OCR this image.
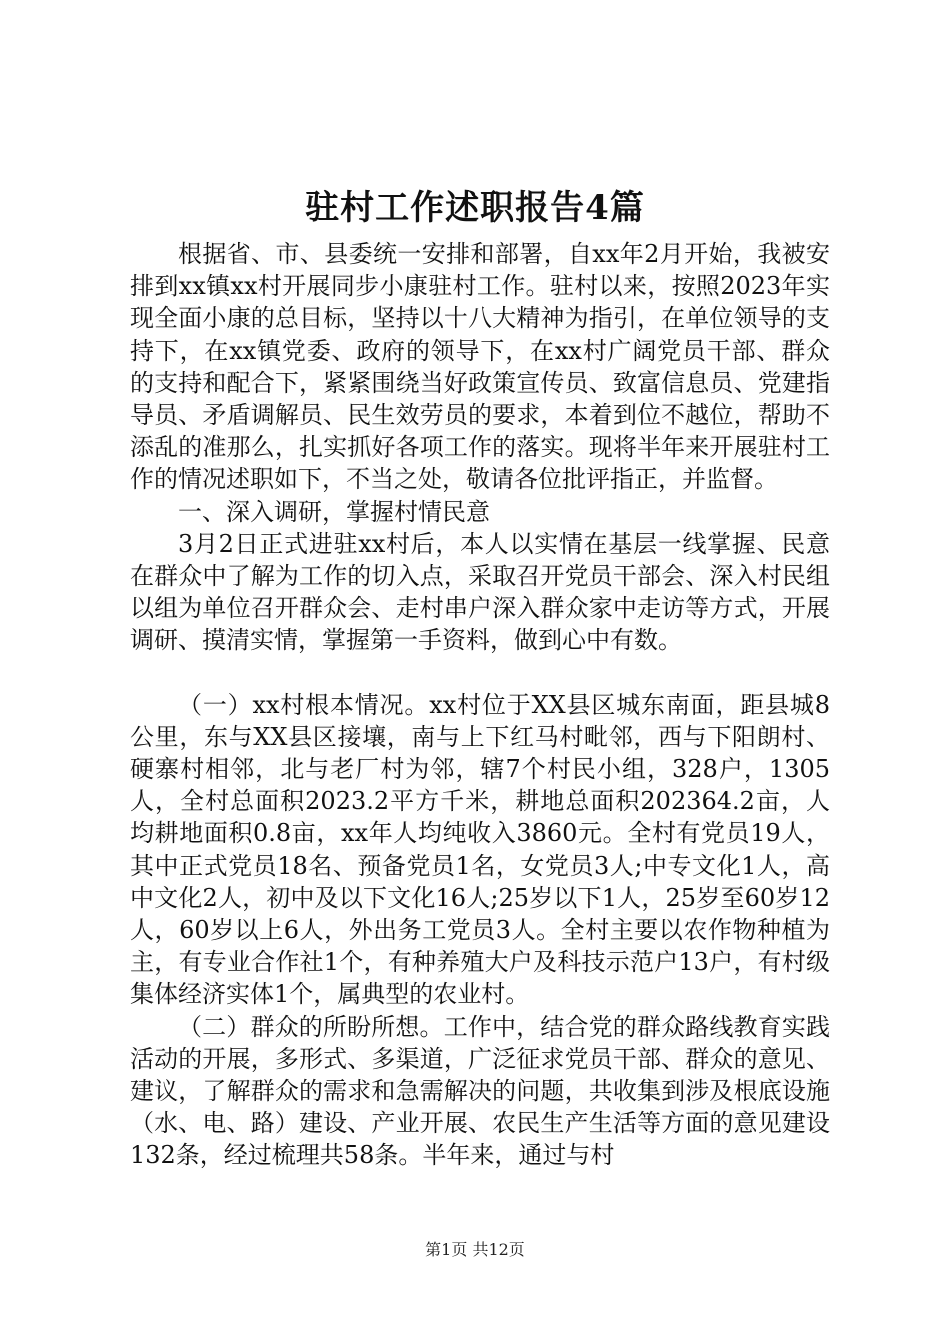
驻村工作述职报告4篇

根据省、市、县委统一安排和部署，自xx年2月开始，我被安排到xx镇xx村开展同步小康驻村工作。驻村以来，按照2023年实现全面小康的总目标，坚持以十八大精神为指引，在单位领导的支持下，在xx镇党委、政府的领导下，在xx村广阔党员干部、群众的支持和配合下，紧紧围绕当好政策宣传员、致富信息员、党建指导员、矛盾调解员、民生效劳员的要求，本着到位不越位，帮助不添乱的准那么，扎实抓好各项工作的落实。现将半年来开展驻村工作的情况述职如下，不当之处，敬请各位批评指正，并监督。

一、深入调研，掌握村情民意

3月2日正式进驻xx村后，本人以实情在基层一线掌握、民意在群众中了解为工作的切入点，采取召开党员干部会、深入村民组以组为单位召开群众会、走村串户深入群众家中走访等方式，开展调研、摸清实情，掌握第一手资料，做到心中有数。

（一）xx村根本情况。xx村位于XX县区城东南面，距县城8公里，东与XX县区接壤，南与上下红马村毗邻，西与下阳朗村、硬寨村相邻，北与老厂村为邻，辖7个村民小组，328户，1305人，全村总面积2023.2平方千米，耕地总面积202364.2亩，人均耕地面积0.8亩，xx年人均纯收入3860元。全村有党员19人，其中正式党员18名、预备党员1名，女党员3人;中专文化1人，高中文化2人，初中及以下文化16人;25岁以下1人，25岁至60岁12人，60岁以上6人，外出务工党员3人。全村主要以农作物种植为主，有专业合作社1个，有种养殖大户及科技示范户13户，有村级集体经济实体1个，属典型的农业村。

（二）群众的所盼所想。工作中，结合党的群众路线教育实践活动的开展，多形式、多渠道，广泛征求党员干部、群众的意见、建议，了解群众的需求和急需解决的问题，共收集到涉及根底设施（水、电、路）建设、产业开展、农民生产生活等方面的意见建设132条，经过梳理共58条。半年来，通过与村

第1页 共12页
